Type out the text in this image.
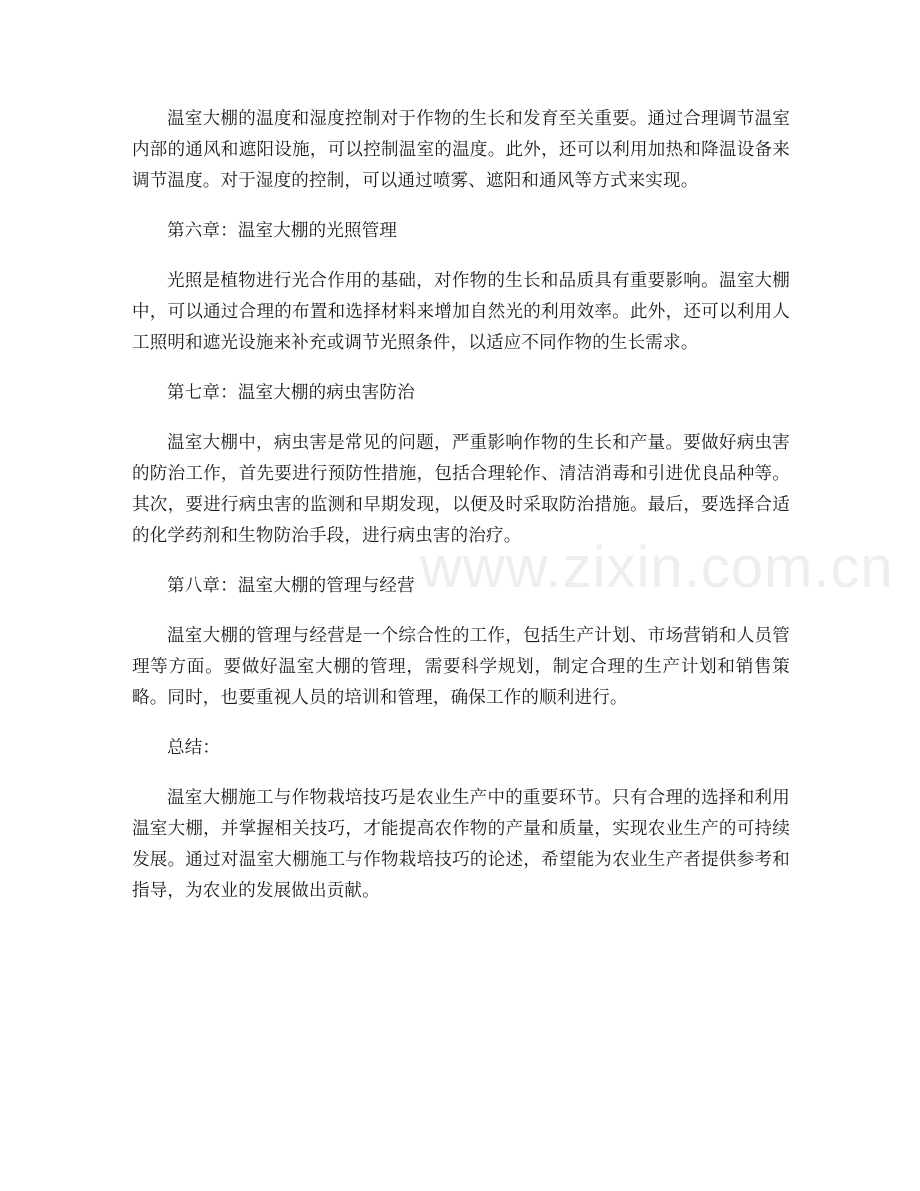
温室大棚的温度和湿度控制对于作物的生长和发育至关重要。通过合理调节温室内部的通风和遮阳设施，可以控制温室的温度。此外，还可以利用加热和降温设备来调节温度。对于湿度的控制，可以通过喷雾、遮阳和通风等方式来实现。

第六章：温室大棚的光照管理

光照是植物进行光合作用的基础，对作物的生长和品质具有重要影响。温室大棚中，可以通过合理的布置和选择材料来增加自然光的利用效率。此外，还可以利用人工照明和遮光设施来补充或调节光照条件，以适应不同作物的生长需求。

第七章：温室大棚的病虫害防治

温室大棚中，病虫害是常见的问题，严重影响作物的生长和产量。要做好病虫害的防治工作，首先要进行预防性措施，包括合理轮作、清洁消毒和引进优良品种等。其次，要进行病虫害的监测和早期发现，以便及时采取防治措施。最后，要选择合适的化学药剂和生物防治手段，进行病虫害的治疗。

第八章：温室大棚的管理与经营

温室大棚的管理与经营是一个综合性的工作，包括生产计划、市场营销和人员管理等方面。要做好温室大棚的管理，需要科学规划，制定合理的生产计划和销售策略。同时，也要重视人员的培训和管理，确保工作的顺利进行。

总结：

温室大棚施工与作物栽培技巧是农业生产中的重要环节。只有合理的选择和利用温室大棚，并掌握相关技巧，才能提高农作物的产量和质量，实现农业生产的可持续发展。通过对温室大棚施工与作物栽培技巧的论述，希望能为农业生产者提供参考和指导，为农业的发展做出贡献。

www.zixin.com.cn
